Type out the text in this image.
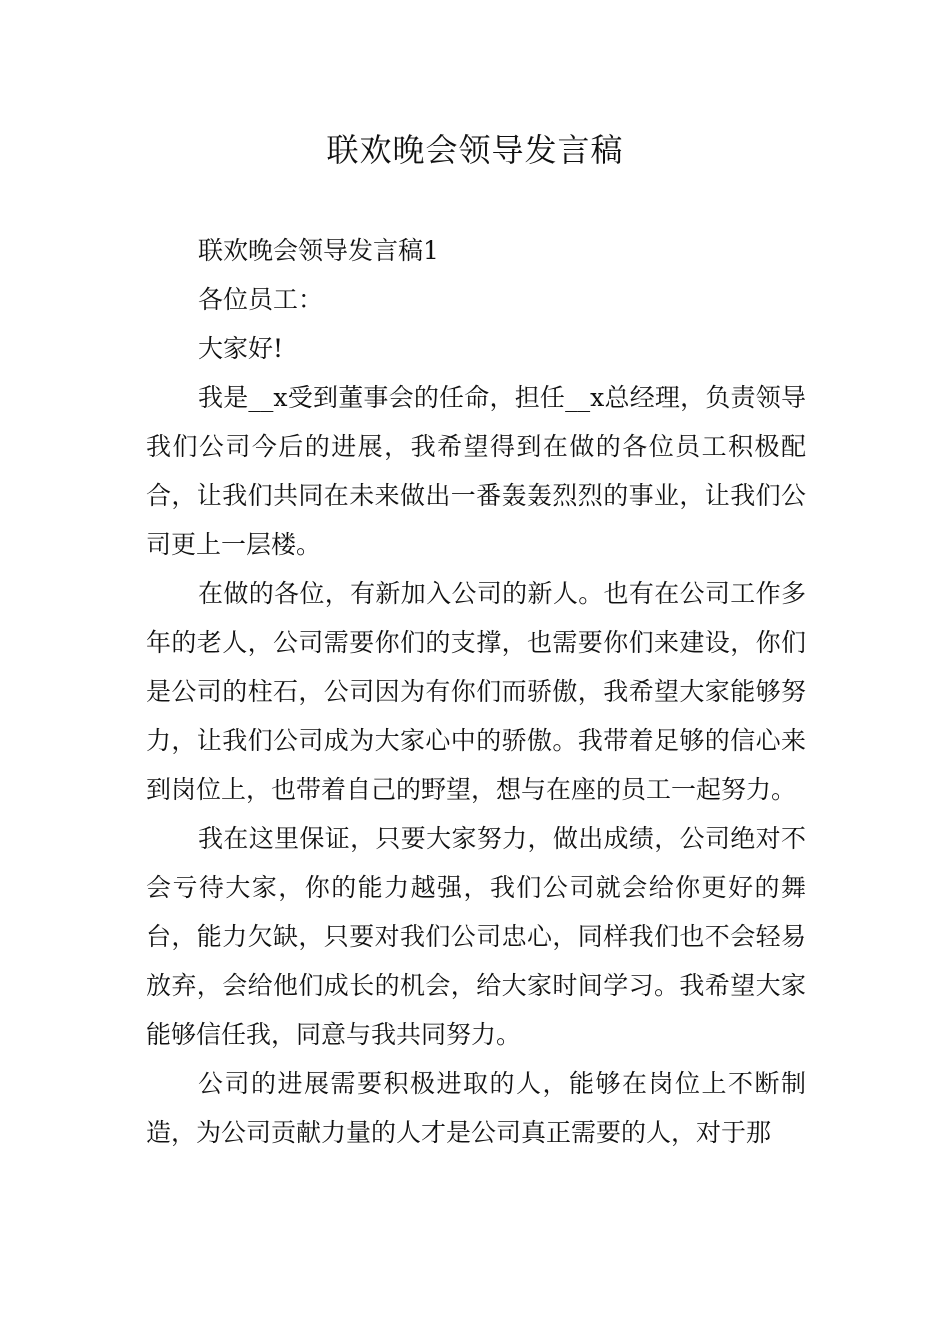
联欢晚会领导发言稿

联欢晚会领导发言稿1

各位员工：

大家好!

我是__x受到董事会的任命，担任__x总经理，负责领导我们公司今后的进展，我希望得到在做的各位员工积极配合，让我们共同在未来做出一番轰轰烈烈的事业，让我们公司更上一层楼。

在做的各位，有新加入公司的新人。也有在公司工作多年的老人，公司需要你们的支撑，也需要你们来建设，你们是公司的柱石，公司因为有你们而骄傲，我希望大家能够努力，让我们公司成为大家心中的骄傲。我带着足够的信心来到岗位上，也带着自己的野望，想与在座的员工一起努力。

我在这里保证，只要大家努力，做出成绩，公司绝对不会亏待大家，你的能力越强，我们公司就会给你更好的舞台，能力欠缺，只要对我们公司忠心，同样我们也不会轻易放弃，会给他们成长的机会，给大家时间学习。我希望大家能够信任我，同意与我共同努力。

公司的进展需要积极进取的人，能够在岗位上不断制造，为公司贡献力量的人才是公司真正需要的人，对于那
